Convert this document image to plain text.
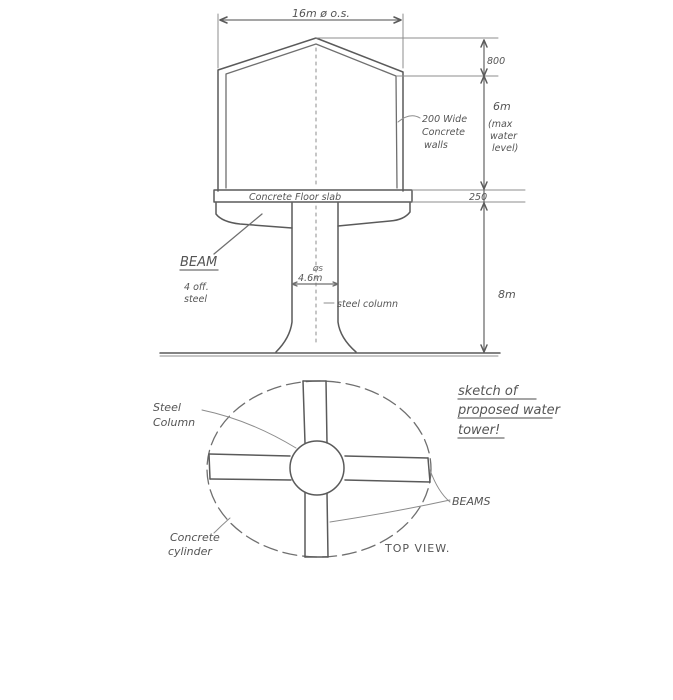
16m ø o.s.
Concrete Floor slab
4.6m
ØS
steel column
800
6m
(max
water
level)
250
8m
200 Wide
Concrete
walls
BEAM
4 off.
steel
Steel
Column
BEAMS
Concrete
cylinder	TOP VIEW.
sketch of
proposed water
tower!
